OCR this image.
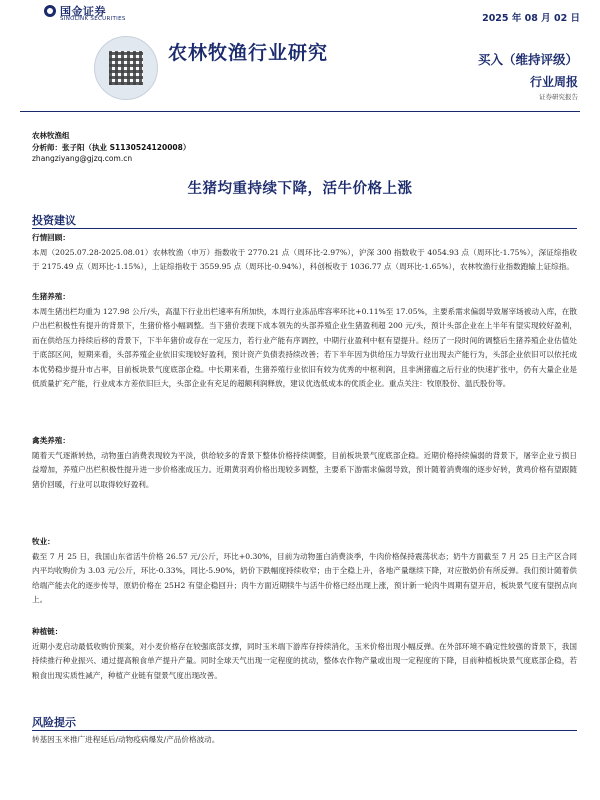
国金证券
SINOLINK SECURITIES	2025 年 08 月 02 日
农林牧渔行业研究	买入（维持评级）
行业周报
证券研究报告
农林牧渔组
分析师：张子阳（执业 S1130524120008）
zhangziyang@gjzq.com.cn
生猪均重持续下降，活牛价格上涨
投资建议
行情回顾：
本周（2025.07.28-2025.08.01）农林牧渔（申万）指数收于 2770.21 点（周环比-2.97%），沪深 300 指数收于 4054.93 点（周环比-1.75%），深证综指收于 2175.49 点（周环比-1.15%），上证综指收于 3559.95 点（周环比-0.94%），科创板收于 1036.77 点（周环比-1.65%），农林牧渔行业指数跑输上证综指。
生猪养殖：
本周生猪出栏均重为 127.98 公斤/头，高温下行业出栏速率有所加快，本周行业冻品库容率环比+0.11%至 17.05%，主要系需求偏弱导致屠宰场被动入库，在散户出栏积极性有提升的背景下，生猪价格小幅调整。当下猪价表现下成本领先的头部养殖企业生猪盈利超 200 元/头，预计头部企业在上半年有望实现较好盈利，而在供给压力持续后移的背景下，下半年猪价或存在一定压力，若行业产能有序调控，中期行业盈利中枢有望提升。经历了一段时间的调整后生猪养殖企业估值处于底部区间，短期来看，头部养殖企业依旧实现较好盈利，预计资产负债表持续改善；若下半年因为供给压力导致行业出现去产能行为，头部企业依旧可以依托成本优势稳步提升市占率，目前板块景气度底部企稳。中长期来看，生猪养殖行业依旧有较为优秀的中枢利润，且非洲猪瘟之后行业的快速扩张中，仍有大量企业是低质量扩充产能，行业成本方差依旧巨大，头部企业有充足的超额利润释放，建议优选低成本的优质企业。重点关注：牧原股份、温氏股份等。
禽类养殖：
随着天气逐渐转热，动物蛋白消费表现较为平淡，供给较多的背景下整体价格持续调整，目前板块景气度底部企稳。近期价格持续偏弱的背景下，屠宰企业亏损日益增加，养殖户出栏积极性提升进一步价格涨成压力。近期黄羽鸡价格出现较多调整，主要系下游需求偏弱导致，预计随着消费端的逐步好转，黄鸡价格有望跟随猪价回暖，行业可以取得较好盈利。
牧业：
截至 7 月 25 日，我国山东省活牛价格 26.57 元/公斤，环比+0.30%，目前为动物蛋白消费淡季，牛肉价格保持震荡状态；奶牛方面截至 7 月 25 日主产区合同内平均收购价为 3.03 元/公斤，环比-0.33%，同比-5.90%，奶价下跌幅度持续收窄；由于全稳上升，各地产量继续下降，对应散奶价有所反弹。我们预计随着供给端产能去化的逐步传导，原奶价格在 25H2 有望企稳回升；肉牛方面近期犊牛与活牛价格已经出现上涨，预计新一轮肉牛周期有望开启，板块景气度有望拐点向上。
种植链：
近期小麦启动最低收购价预案，对小麦价格存在较强底部支撑，同时玉米端下游库存持续消化，玉米价格出现小幅反弹。在外部环境不确定性较强的背景下，我国持续推行种业振兴、通过提高粮食单产提升产量。同时全球天气出现一定程度的扰动，整体农作物产量或出现一定程度的下降，目前种植板块景气度底部企稳，若粮食出现实质性减产，种植产业链有望景气度出现改善。
风险提示
转基因玉米推广进程延后/动物疫病爆发/产品价格波动。
